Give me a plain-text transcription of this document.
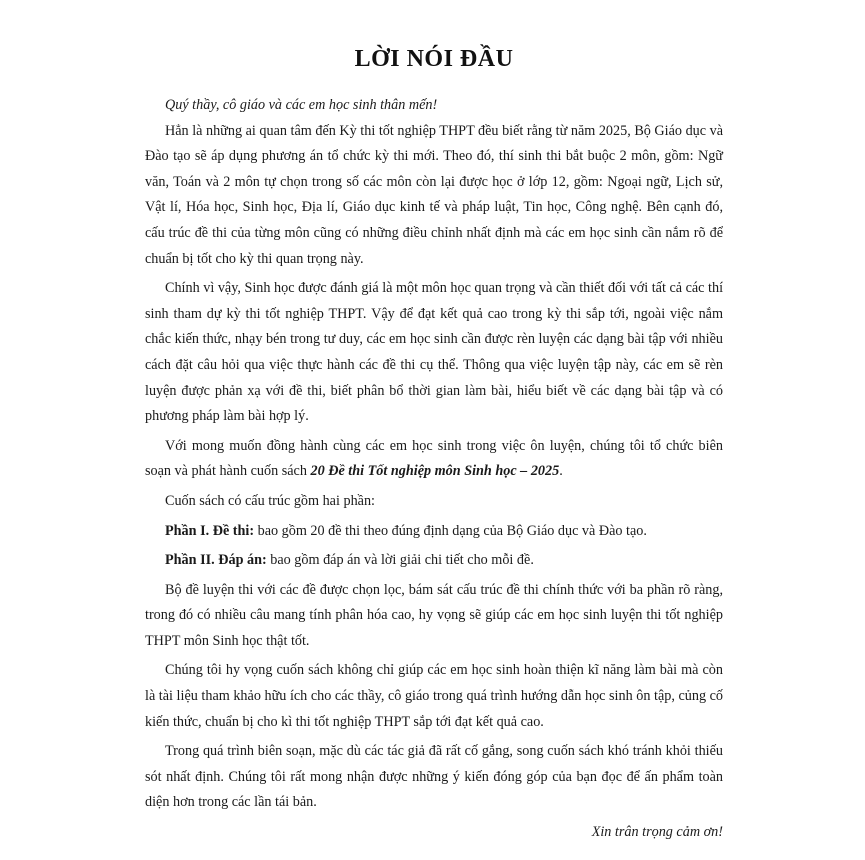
LỜI NÓI ĐẦU

Quý thầy, cô giáo và các em học sinh thân mến!

Hẳn là những ai quan tâm đến Kỳ thi tốt nghiệp THPT đều biết rằng từ năm 2025, Bộ Giáo dục và Đào tạo sẽ áp dụng phương án tổ chức kỳ thi mới. Theo đó, thí sinh thi bắt buộc 2 môn, gồm: Ngữ văn, Toán và 2 môn tự chọn trong số các môn còn lại được học ở lớp 12, gồm: Ngoại ngữ, Lịch sử, Vật lí, Hóa học, Sinh học, Địa lí, Giáo dục kinh tế và pháp luật, Tin học, Công nghệ. Bên cạnh đó, cấu trúc đề thi của từng môn cũng có những điều chỉnh nhất định mà các em học sinh cần nắm rõ để chuẩn bị tốt cho kỳ thi quan trọng này.

Chính vì vậy, Sinh học được đánh giá là một môn học quan trọng và cần thiết đối với tất cả các thí sinh tham dự kỳ thi tốt nghiệp THPT. Vậy để đạt kết quả cao trong kỳ thi sắp tới, ngoài việc nắm chắc kiến thức, nhạy bén trong tư duy, các em học sinh cần được rèn luyện các dạng bài tập với nhiều cách đặt câu hỏi qua việc thực hành các đề thi cụ thể. Thông qua việc luyện tập này, các em sẽ rèn luyện được phản xạ với đề thi, biết phân bổ thời gian làm bài, hiểu biết về các dạng bài tập và có phương pháp làm bài hợp lý.

Với mong muốn đồng hành cùng các em học sinh trong việc ôn luyện, chúng tôi tổ chức biên soạn và phát hành cuốn sách 20 Đề thi Tốt nghiệp môn Sinh học – 2025.

Cuốn sách có cấu trúc gồm hai phần:

Phần I. Đề thi: bao gồm 20 đề thi theo đúng định dạng của Bộ Giáo dục và Đào tạo.

Phần II. Đáp án: bao gồm đáp án và lời giải chi tiết cho mỗi đề.

Bộ đề luyện thi với các đề được chọn lọc, bám sát cấu trúc đề thi chính thức với ba phần rõ ràng, trong đó có nhiều câu mang tính phân hóa cao, hy vọng sẽ giúp các em học sinh luyện thi tốt nghiệp THPT môn Sinh học thật tốt.

Chúng tôi hy vọng cuốn sách không chỉ giúp các em học sinh hoàn thiện kĩ năng làm bài mà còn là tài liệu tham khảo hữu ích cho các thầy, cô giáo trong quá trình hướng dẫn học sinh ôn tập, củng cố kiến thức, chuẩn bị cho kì thi tốt nghiệp THPT sắp tới đạt kết quả cao.

Trong quá trình biên soạn, mặc dù các tác giả đã rất cố gắng, song cuốn sách khó tránh khỏi thiếu sót nhất định. Chúng tôi rất mong nhận được những ý kiến đóng góp của bạn đọc để ấn phẩm toàn diện hơn trong các lần tái bản.

Xin trân trọng cảm ơn!
